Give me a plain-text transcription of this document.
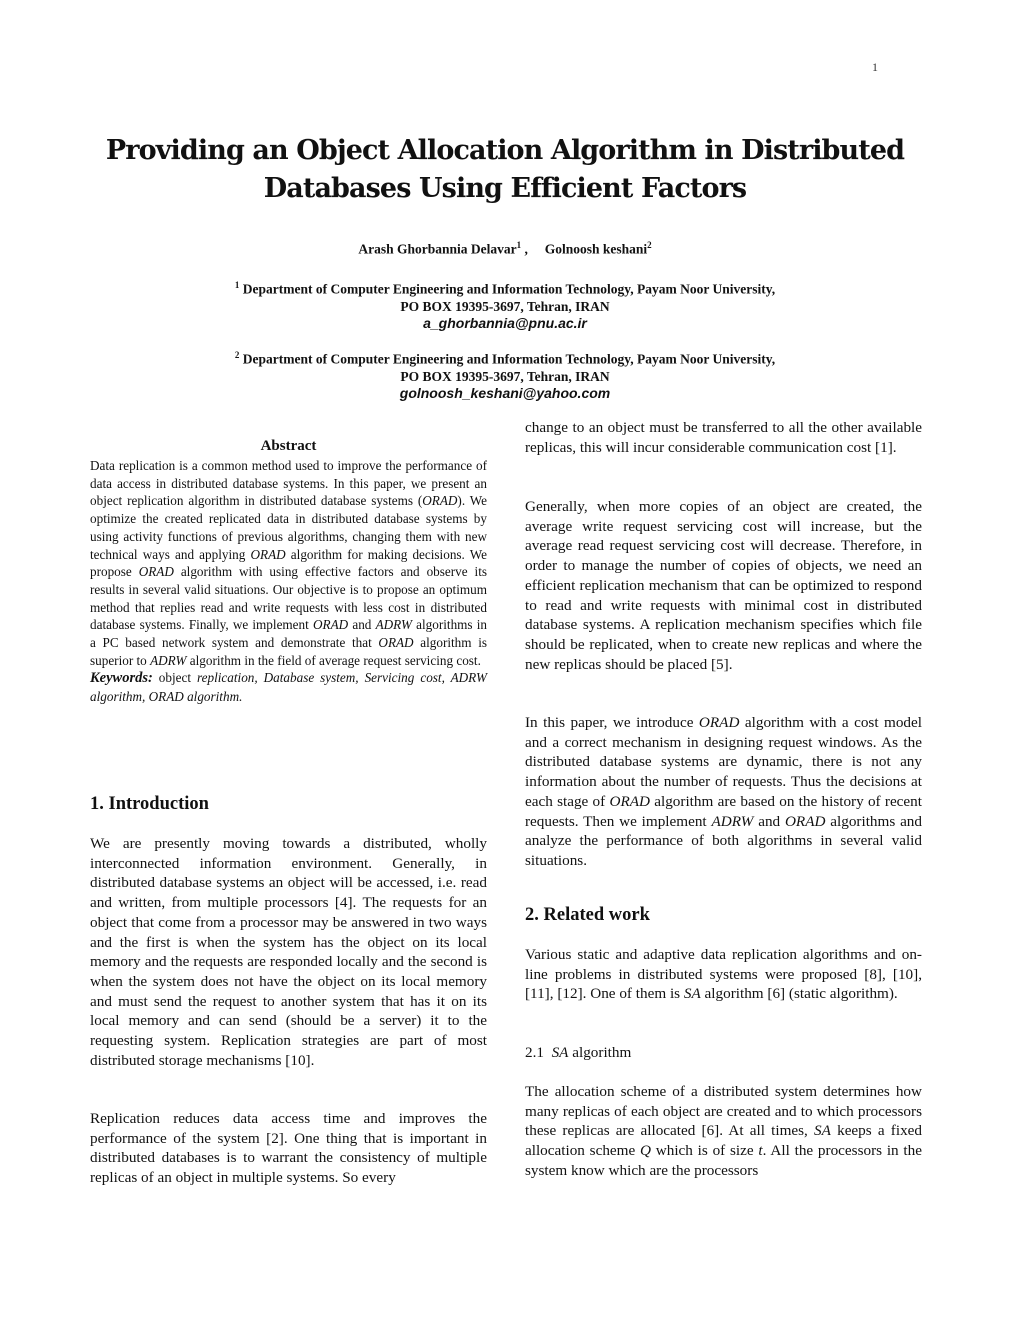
1
Providing an Object Allocation Algorithm in Distributed
Databases Using Efficient Factors
Arash Ghorbannia Delavar$^1$ ,     Golnoosh keshani$^2$
$^1$ Department of Computer Engineering and Information Technology, Payam Noor University,
PO BOX 19395-3697, Tehran, IRAN
a_ghorbannia@pnu.ac.ir
$^2$ Department of Computer Engineering and Information Technology, Payam Noor University,
PO BOX 19395-3697, Tehran, IRAN
golnoosh_keshani@yahoo.com

Abstract

Data replication is a common method used to improve the performance of data access in distributed database systems. In this paper, we present an object replication algorithm in distributed database systems (ORAD). We optimize the created replicated data in distributed database systems by using activity functions of previous algorithms, changing them with new technical ways and applying ORAD algorithm for making decisions. We propose ORAD algorithm with using effective factors and observe its results in several valid situations. Our objective is to propose an optimum method that replies read and write requests with less cost in distributed database systems. Finally, we implement ORAD and ADRW algorithms in a PC based network system and demonstrate that ORAD algorithm is superior to ADRW algorithm in the field of average request servicing cost.

Keywords: object replication, Database system, Servicing cost, ADRW algorithm, ORAD algorithm.

1. Introduction

We are presently moving towards a distributed, wholly interconnected information environment. Generally, in distributed database systems an object will be accessed, i.e. read and written, from multiple processors [4]. The requests for an object that come from a processor may be answered in two ways and the first is when the system has the object on its local memory and the requests are responded locally and the second is when the system does not have the object on its local memory and must send the request to another system that has it on its local memory and can send (should be a server) it to the requesting system. Replication strategies are part of most distributed storage mechanisms [10].

Replication reduces data access time and improves the performance of the system [2]. One thing that is important in distributed databases is to warrant the consistency of multiple replicas of an object in multiple systems. So every

change to an object must be transferred to all the other available replicas, this will incur considerable communication cost [1].

Generally, when more copies of an object are created, the average write request servicing cost will increase, but the average read request servicing cost will decrease. Therefore, in order to manage the number of copies of objects, we need an efficient replication mechanism that can be optimized to respond to read and write requests with minimal cost in distributed database systems. A replication mechanism specifies which file should be replicated, when to create new replicas and where the new replicas should be placed [5].

In this paper, we introduce ORAD algorithm with a cost model and a correct mechanism in designing request windows. As the distributed database systems are dynamic, there is not any information about the number of requests. Thus the decisions at each stage of ORAD algorithm are based on the history of recent requests. Then we implement ADRW and ORAD algorithms and analyze the performance of both algorithms in several valid situations.

2. Related work

Various static and adaptive data replication algorithms and on-line problems in distributed systems were proposed [8], [10], [11], [12]. One of them is SA algorithm [6] (static algorithm).

2.1  SA algorithm

The allocation scheme of a distributed system determines how many replicas of each object are created and to which processors these replicas are allocated [6]. At all times, SA keeps a fixed allocation scheme Q which is of size t. All the processors in the system know which are the processors
